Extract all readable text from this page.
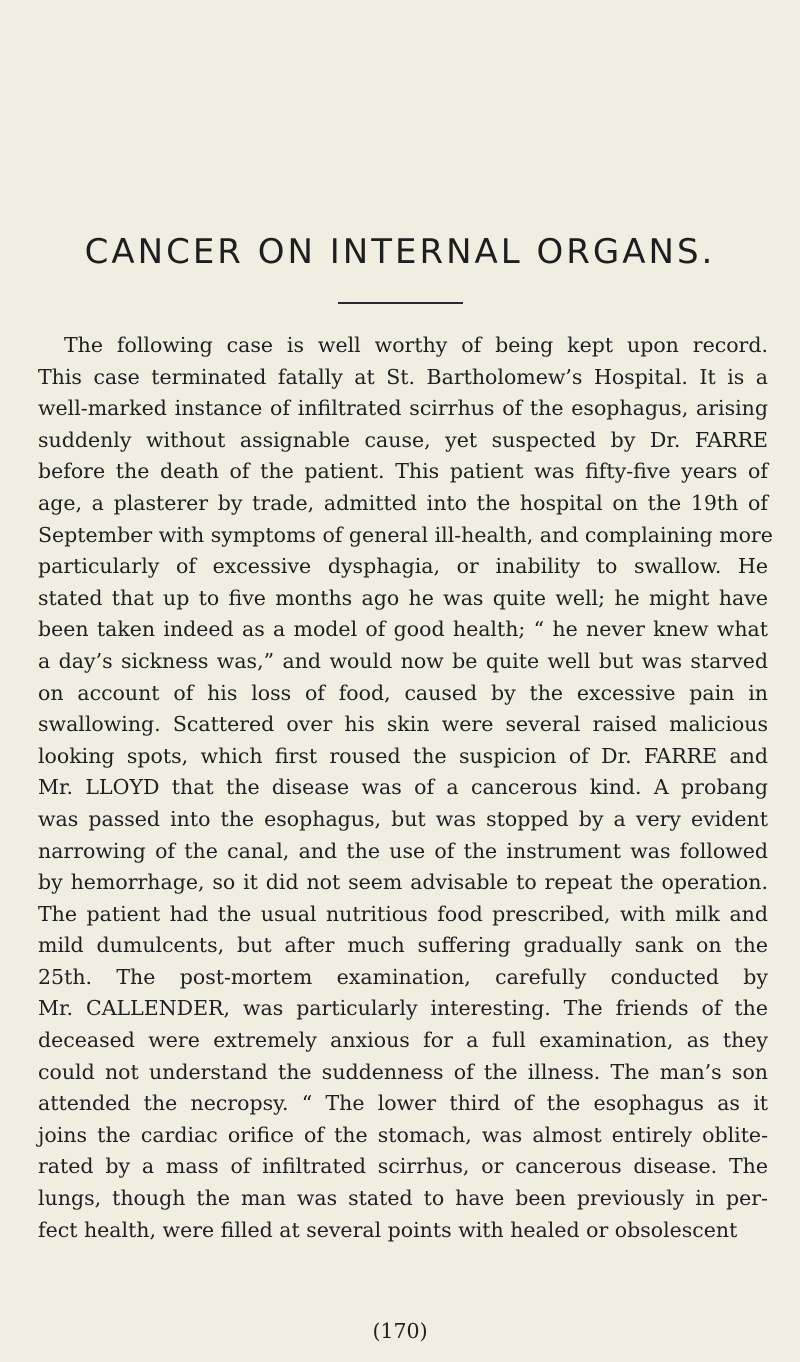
CANCER ON INTERNAL ORGANS.
The following case is well worthy of being kept upon record.
This case terminated fatally at St. Bartholomew’s Hospital. It is a
well-marked instance of infiltrated scirrhus of the esophagus, arising
suddenly without assignable cause, yet suspected by Dr. FARRE
before the death of the patient. This patient was fifty-five years of
age, a plasterer by trade, admitted into the hospital on the 19th of
September with symptoms of general ill-health, and complaining more
particularly of excessive dysphagia, or inability to swallow. He
stated that up to five months ago he was quite well; he might have
been taken indeed as a model of good health; “ he never knew what
a day’s sickness was,” and would now be quite well but was starved
on account of his loss of food, caused by the excessive pain in
swallowing. Scattered over his skin were several raised malicious
looking spots, which first roused the suspicion of Dr. FARRE and
Mr. LLOYD that the disease was of a cancerous kind. A probang
was passed into the esophagus, but was stopped by a very evident
narrowing of the canal, and the use of the instrument was followed
by hemorrhage, so it did not seem advisable to repeat the operation.
The patient had the usual nutritious food prescribed, with milk and
mild dumulcents, but after much suffering gradually sank on the
25th. The post-mortem examination, carefully conducted by
Mr. CALLENDER, was particularly interesting. The friends of the
deceased were extremely anxious for a full examination, as they
could not understand the suddenness of the illness. The man’s son
attended the necropsy. “ The lower third of the esophagus as it
joins the cardiac orifice of the stomach, was almost entirely oblite-
rated by a mass of infiltrated scirrhus, or cancerous disease. The
lungs, though the man was stated to have been previously in per-
fect health, were filled at several points with healed or obsolescent
(170)
